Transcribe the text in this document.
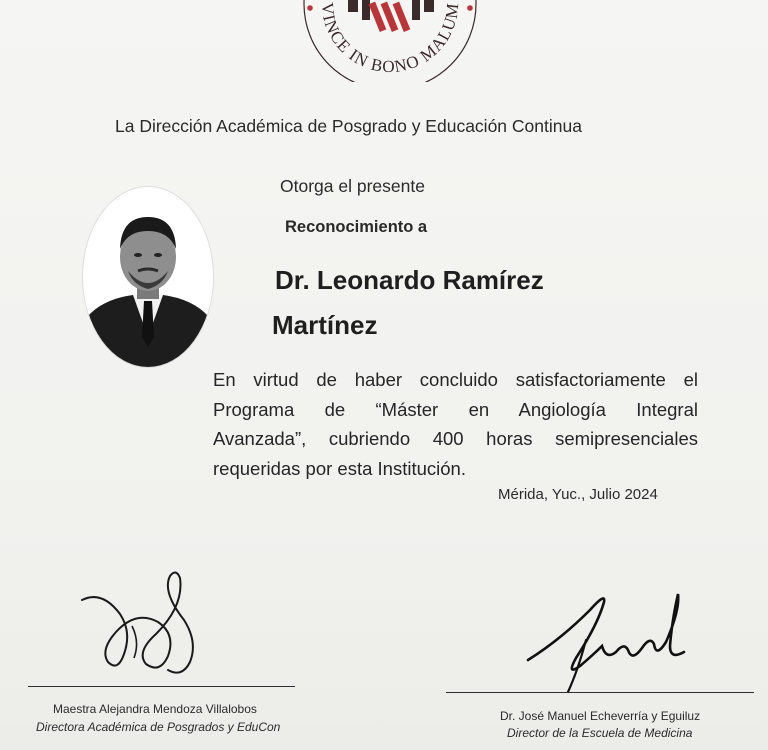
VINCE IN BONO MALUM
La Dirección Académica de Posgrado y Educación Continua
Otorga el presente
Reconocimiento a
Dr. Leonardo Ramírez
Martínez
En virtud de haber concluido satisfactoriamente el
Programa de “Máster en Angiología Integral
Avanzada”, cubriendo 400 horas semipresenciales
requeridas por esta Institución.
Mérida, Yuc., Julio 2024
Maestra Alejandra Mendoza Villalobos
Directora Académica de Posgrados y EduCon
Dr. José Manuel Echeverría y Eguiluz
Director de la Escuela de Medicina
